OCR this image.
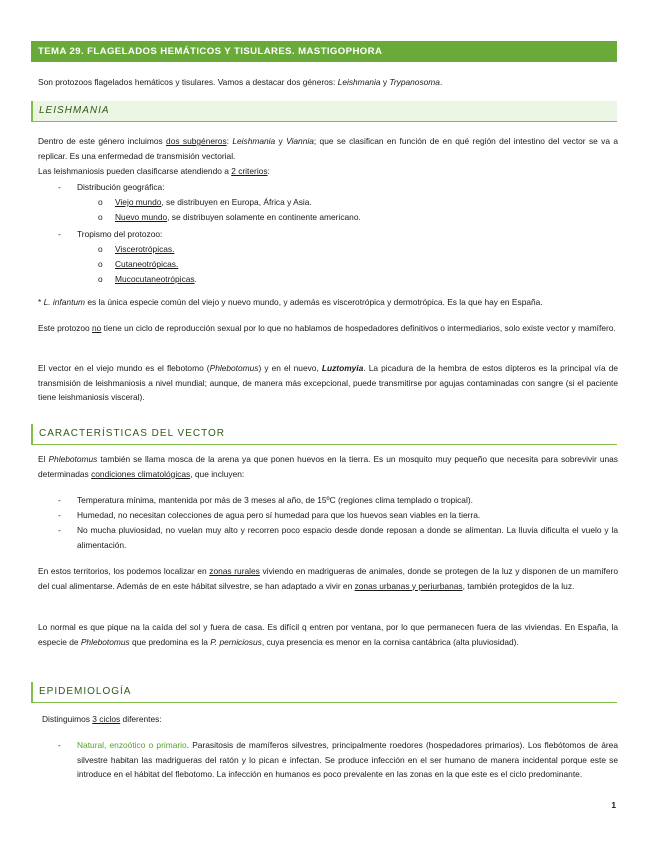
TEMA 29. FLAGELADOS HEMÁTICOS Y TISULARES. MASTIGOPHORA

Son protozoos flagelados hemáticos y tisulares. Vamos a destacar dos géneros: Leishmania y Trypanosoma.

LEISHMANIA

Dentro de este género incluimos dos subgéneros: Leishmania y Viannia; que se clasifican en función de en qué región del intestino del vector se va a replicar. Es una enfermedad de transmisión vectorial.

Las leishmaniosis pueden clasificarse atendiendo a 2 criterios:

- Distribución geográfica:
o Viejo mundo, se distribuyen en Europa, África y Asia.
o Nuevo mundo, se distribuyen solamente en continente americano.
- Tropismo del protozoo:
o Viscerotrópicas.
o Cutaneotrópicas.
o Mucocutaneotrópicas.

* L. infantum es la única especie común del viejo y nuevo mundo, y además es viscerotrópica y dermotrópica. Es la que hay en España.

Este protozoo no tiene un ciclo de reproducción sexual por lo que no hablamos de hospedadores definitivos o intermediarios, solo existe vector y mamífero.

El vector en el viejo mundo es el flebotomo (Phlebotomus) y en el nuevo, Luztomyia. La picadura de la hembra de estos dípteros es la principal vía de transmisión de leishmaniosis a nivel mundial; aunque, de manera más excepcional, puede transmitirse por agujas contaminadas con sangre (si el paciente tiene leishmaniosis visceral).

CARACTERÍSTICAS DEL VECTOR

El Phlebotomus también se llama mosca de la arena ya que ponen huevos en la tierra. Es un mosquito muy pequeño que necesita para sobrevivir unas determinadas condiciones climatológicas, que incluyen:

- Temperatura mínima, mantenida por más de 3 meses al año, de 15ºC (regiones clima templado o tropical).
- Humedad, no necesitan colecciones de agua pero sí humedad para que los huevos sean viables en la tierra.
- No mucha pluviosidad, no vuelan muy alto y recorren poco espacio desde donde reposan a donde se alimentan. La lluvia dificulta el vuelo y la alimentación.

En estos territorios, los podemos localizar en zonas rurales viviendo en madrigueras de animales, donde se protegen de la luz y disponen de un mamífero del cual alimentarse. Además de en este hábitat silvestre, se han adaptado a vivir en zonas urbanas y periurbanas, también protegidos de la luz.

Lo normal es que pique na la caída del sol y fuera de casa. Es difícil q entren por ventana, por lo que permanecen fuera de las viviendas. En España, la especie de Phlebotomus que predomina es la P. perniciosus, cuya presencia es menor en la cornisa cantábrica (alta pluviosidad).

EPIDEMIOLOGÍA

Distinguimos 3 ciclos diferentes:

- Natural, enzoótico o primario. Parasitosis de mamíferos silvestres, principalmente roedores (hospedadores primarios). Los flebótomos de área silvestre habitan las madrigueras del ratón y lo pican e infectan. Se produce infección en el ser humano de manera incidental porque este se introduce en el hábitat del flebotomo. La infección en humanos es poco prevalente en las zonas en la que este es el ciclo predominante.
1
